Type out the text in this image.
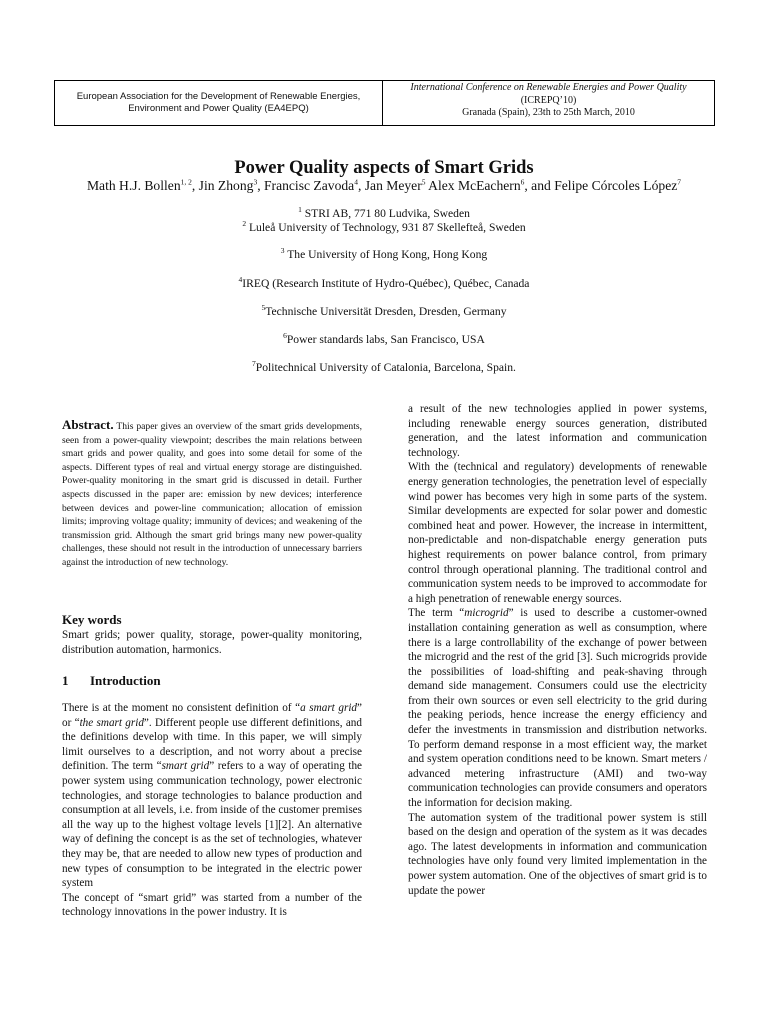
European Association for the Development of Renewable Energies, Environment and Power Quality (EA4EPQ)
International Conference on Renewable Energies and Power Quality
(ICREPQ’10)
Granada (Spain), 23th to 25th March, 2010
Power Quality aspects of Smart Grids
Math H.J. Bollen$^{1, 2}$, Jin Zhong$^3$, Francisc Zavoda$^4$, Jan Meyer$^5$ Alex McEachern$^6$, and Felipe Córcoles López$^7$
$^1$ STRI AB, 771 80 Ludvika, Sweden
$^2$ Luleå University of Technology, 931 87 Skellefteå, Sweden
$^3$ The University of Hong Kong, Hong Kong
$^4$IREQ (Research Institute of Hydro-Québec), Québec, Canada
$^5$Technische Universität Dresden, Dresden, Germany
$^6$Power standards labs, San Francisco, USA
$^7$Politechnical University of Catalonia, Barcelona, Spain.
Abstract. This paper gives an overview of the smart grids developments, seen from a power-quality viewpoint; describes the main relations between smart grids and power quality, and goes into some detail for some of the aspects. Different types of real and virtual energy storage are distinguished. Power-quality monitoring in the smart grid is discussed in detail. Further aspects discussed in the paper are: emission by new devices; interference between devices and power-line communication; allocation of emission limits; improving voltage quality; immunity of devices; and weakening of the transmission grid. Although the smart grid brings many new power-quality challenges, these should not result in the introduction of unnecessary barriers against the introduction of new technology.
Key words
Smart grids; power quality, storage, power-quality monitoring, distribution automation, harmonics.
1 Introduction

There is at the moment no consistent definition of “a smart grid” or “the smart grid”. Different people use different definitions, and the definitions develop with time. In this paper, we will simply limit ourselves to a description, and not worry about a precise definition. The term “smart grid” refers to a way of operating the power system using communication technology, power electronic technologies, and storage technologies to balance production and consumption at all levels, i.e. from inside of the customer premises all the way up to the highest voltage levels [1][2]. An alternative way of defining the concept is as the set of technologies, whatever they may be, that are needed to allow new types of production and new types of consumption to be integrated in the electric power system

The concept of “smart grid” was started from a number of the technology innovations in the power industry. It is

a result of the new technologies applied in power systems, including renewable energy sources generation, distributed generation, and the latest information and communication technology.

With the (technical and regulatory) developments of renewable energy generation technologies, the penetration level of especially wind power has becomes very high in some parts of the system. Similar developments are expected for solar power and domestic combined heat and power. However, the increase in intermittent, non-predictable and non-dispatchable energy generation puts highest requirements on power balance control, from primary control through operational planning. The traditional control and communication system needs to be improved to accommodate for a high penetration of renewable energy sources.

The term “microgrid” is used to describe a customer-owned installation containing generation as well as consumption, where there is a large controllability of the exchange of power between the microgrid and the rest of the grid [3]. Such microgrids provide the possibilities of load-shifting and peak-shaving through demand side management. Consumers could use the electricity from their own sources or even sell electricity to the grid during the peaking periods, hence increase the energy efficiency and defer the investments in transmission and distribution networks. To perform demand response in a most efficient way, the market and system operation conditions need to be known. Smart meters / advanced metering infrastructure (AMI) and two-way communication technologies can provide consumers and operators the information for decision making.

The automation system of the traditional power system is still based on the design and operation of the system as it was decades ago. The latest developments in information and communication technologies have only found very limited implementation in the power system automation. One of the objectives of smart grid is to update the power
